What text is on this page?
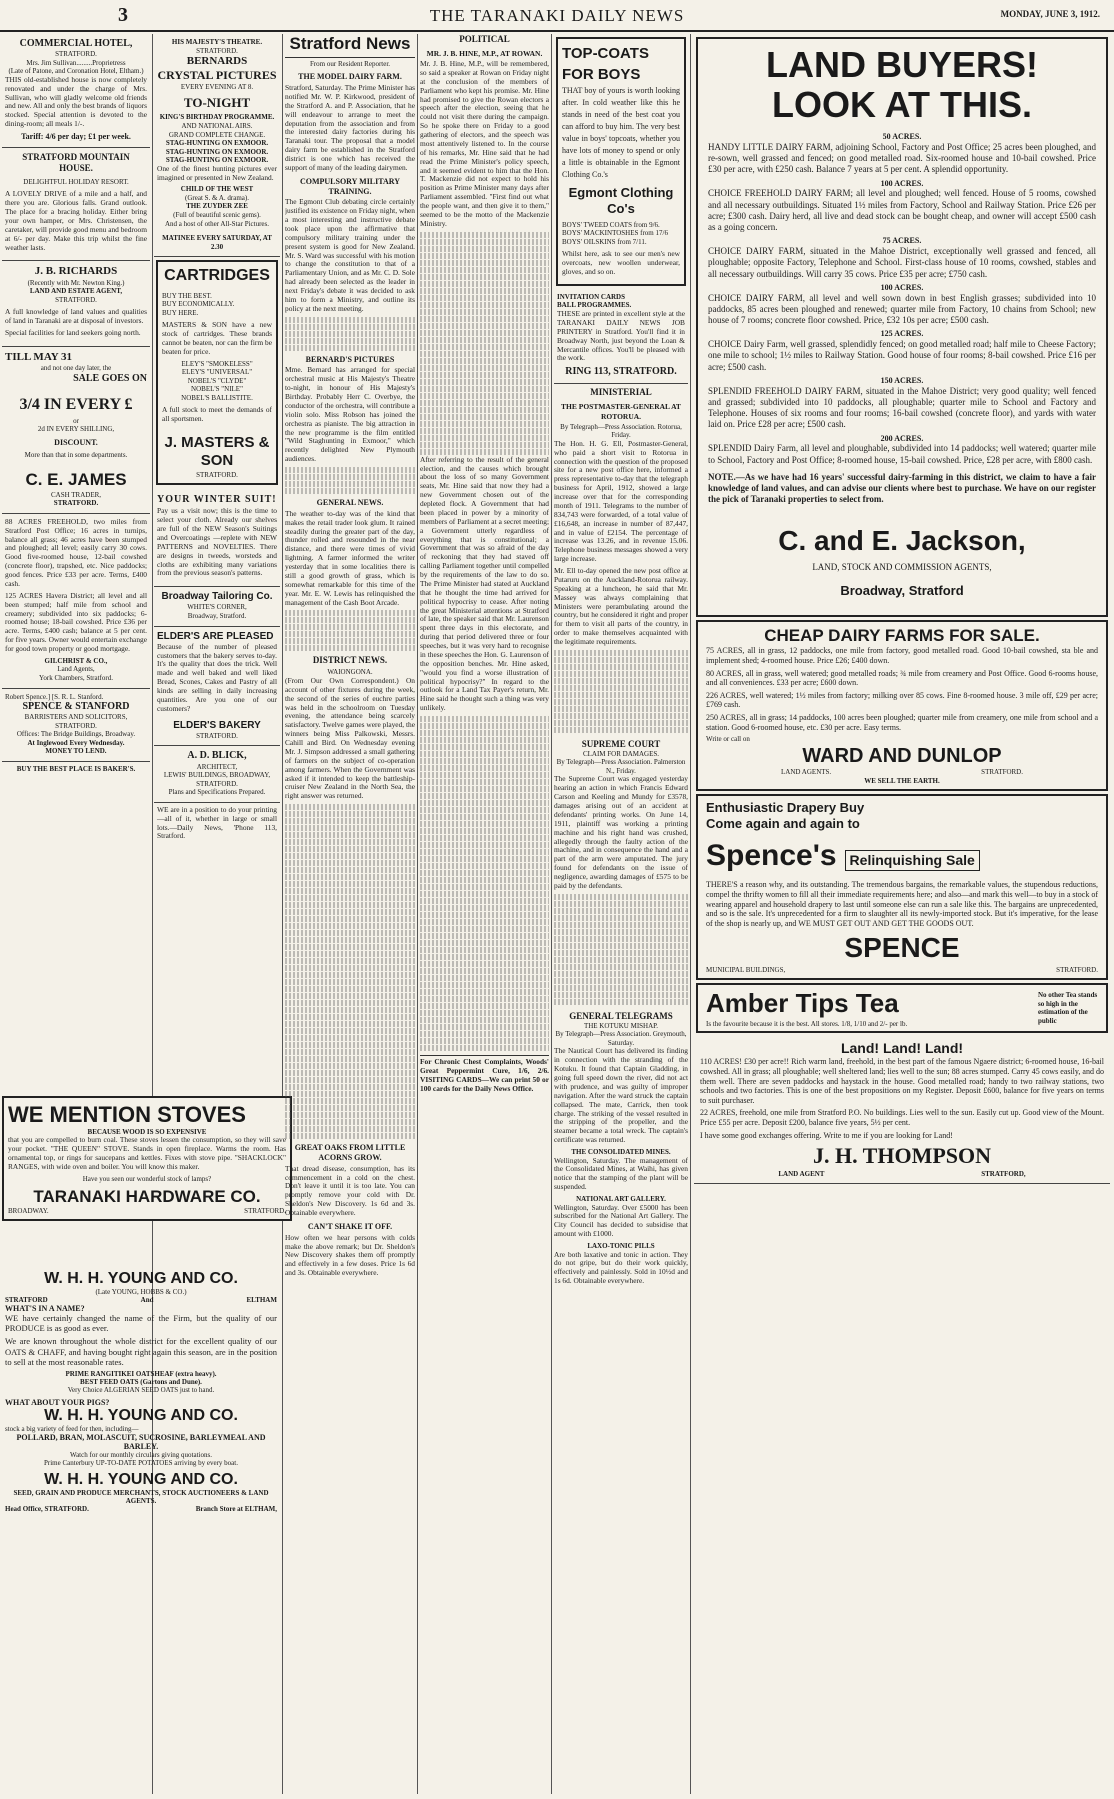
3	THE TARANAKI DAILY NEWS	MONDAY, JUNE 3, 1912.
COMMERCIAL HOTEL,
STRATFORD.
Mrs. Jim Sullivan.........Proprietress
(Late of Patone, and Coronation Hotel, Eltham.)

THIS old-established house is now completely renovated and under the charge of Mrs. Sullivan, who will gladly welcome old friends and new. All and only the best brands of liquors stocked. Special attention is devoted to the dining-room; all meals 1/-.

Tariff: 4/6 per day; £1 per week.
STRATFORD MOUNTAIN HOUSE.
DELIGHTFUL HOLIDAY RESORT.

A LOVELY DRIVE of a mile and a half, and there you are. Glorious falls. Grand outlook. The place for a bracing holiday. Either bring your own hamper, or Mrs. Christensen, the caretaker, will provide good menu and bedroom at 6/- per day. Make this trip whilst the fine weather lasts.

J. B. RICHARDS
(Recently with Mr. Newton King.)
LAND AND ESTATE AGENT,
STRATFORD.

A full knowledge of land values and qualities of land in Taranaki are at disposal of investors.

Special facilities for land seekers going north.

TILL MAY 31
and not one day later, the
SALE GOES ON
3/4 IN EVERY £
or
2d IN EVERY SHILLING,
DISCOUNT.
More than that in some departments.
C. E. JAMES
CASH TRADER,
STRATFORD.

88 ACRES FREEHOLD, two miles from Stratford Post Office; 16 acres in turnips, balance all grass; 46 acres have been stumped and ploughed; all level; easily carry 30 cows. Good five-roomed house, 12-bail cowshed (concrete floor), trapshed, etc. Nice paddocks; good fences. Price £33 per acre. Terms, £400 cash.

125 ACRES Havera District; all level and all been stumped; half mile from school and creamery; subdivided into six paddocks; 6-roomed house; 18-bail cowshed. Price £36 per acre. Terms, £400 cash; balance at 5 per cent. for five years. Owner would entertain exchange for good town property or good mortgage.

GILCHRIST & CO.,
Land Agents,
York Chambers, Stratford.
Robert Spence.] [S. R. L. Stanford.
SPENCE & STANFORD
BARRISTERS AND SOLICITORS, STRATFORD.
Offices: The Bridge Buildings, Broadway.
At Inglewood Every Wednesday.
MONEY TO LEND.
BUY THE BEST PLACE IS BAKER'S.
HIS MAJESTY'S THEATRE.
STRATFORD.
BERNARDS
CRYSTAL PICTURES
EVERY EVENING AT 8.
TO-NIGHT
KING'S BIRTHDAY PROGRAMME.
AND NATIONAL AIRS.
GRAND COMPLETE CHANGE.
STAG-HUNTING ON EXMOOR.
STAG-HUNTING ON EXMOOR.
STAG-HUNTING ON EXMOOR.

One of the finest hunting pictures ever imagined or presented in New Zealand.

CHILD OF THE WEST
(Great S. & A. drama).
THE ZUYDER ZEE
(Full of beautiful scenic gems).
And a host of other All-Star Pictures.
MATINEE EVERY SATURDAY, AT 2.30
CARTRIDGES
BUY THE BEST.
BUY ECONOMICALLY.
BUY HERE.

MASTERS & SON have a new stock of cartridges. These brands cannot be beaten, nor can the firm be beaten for price.

ELEY'S "SMOKELESS"
ELEY'S "UNIVERSAL"
NOBEL'S "CLYDE"
NOBEL'S "NILE"
NOBEL'S BALLISTITE.

A full stock to meet the demands of all sportsmen.

J. MASTERS & SON
STRATFORD.
YOUR WINTER SUIT!

Pay us a visit now; this is the time to select your cloth. Already our shelves are full of the NEW Season's Suitings and Overcoatings —replete with NEW PATTERNS and NOVELTIES. There are designs in tweeds, worsteds and cloths are exhibiting many variations from the previous season's patterns.

Broadway Tailoring Co.
WHITE'S CORNER,
Broadway, Stratford.
ELDER'S ARE PLEASED

Because of the number of pleased customers that the bakery serves to-day. It's the quality that does the trick. Well made and well baked and well liked Bread, Scones, Cakes and Pastry of all kinds are selling in daily increasing quantities. Are you one of our customers?

ELDER'S BAKERY
STRATFORD.
A. D. BLICK,
ARCHITECT,
LEWIS' BUILDINGS, BROADWAY, STRATFORD.
Plans and Specifications Prepared.

WE are in a position to do your printing—all of it, whether in large or small lots.—Daily News, 'Phone 113, Stratford.

WE MENTION STOVES
BECAUSE WOOD IS SO EXPENSIVE

that you are compelled to burn coal. These stoves lessen the consumption, so they will save your pocket. "THE QUEEN" STOVE. Stands in open fireplace. Warms the room. Has ornamental top, or rings for saucepans and kettles. Fixes with stove pipe. "SHACKLOCK" RANGES, with wide oven and boiler. You will know this maker.

Have you seen our wonderful stock of lamps?
TARANAKI HARDWARE CO.
BROADWAY.	STRATFORD.
W. H. H. YOUNG AND CO.
(Late YOUNG, HOBBS & CO.)
STRATFORD	And	ELTHAM
WHAT'S IN A NAME?

WE have certainly changed the name of the Firm, but the quality of our PRODUCE is as good as ever.

We are known throughout the whole district for the excellent quality of our OATS & CHAFF, and having bought right again this season, are in the position to sell at the most reasonable rates.

PRIME RANGITIKEI OATSHEAF (extra heavy).
BEST FEED OATS (Gartons and Dune).
Very Choice ALGERIAN SEED OATS just to hand.
WHAT ABOUT YOUR PIGS?
W. H. H. YOUNG AND CO.
stock a big variety of feed for then, including—
POLLARD, BRAN, MOLASCUIT, SUCROSINE, BARLEYMEAL AND BARLEY.
Watch for our monthly circulars giving quotations.
Prime Canterbury UP-TO-DATE POTATOES arriving by every boat.
W. H. H. YOUNG AND CO.
SEED, GRAIN AND PRODUCE MERCHANTS, STOCK AUCTIONEERS & LAND AGENTS.
Head Office, STRATFORD.	Branch Store at ELTHAM,
Stratford News
From our Resident Reporter.
THE MODEL DAIRY FARM.

Stratford, Saturday. The Prime Minister has notified Mr. W. P. Kirkwood, president of the Stratford A. and P. Association, that he will endeavour to arrange to meet the deputation from the association and from the interested dairy factories during his Taranaki tour. The proposal that a model dairy farm be established in the Stratford district is one which has received the support of many of the leading dairymen.

COMPULSORY MILITARY TRAINING.

The Egmont Club debating circle certainly justified its existence on Friday night, when a most interesting and instructive debate took place upon the affirmative that compulsory military training under the present system is good for New Zealand. Mr. S. Ward was successful with his motion to change the constitution to that of a Parliamentary Union, and as Mr. C. D. Sole had already been selected as the leader in next Friday's debate it was decided to ask him to form a Ministry, and outline its policy at the next meeting.

BERNARD'S PICTURES

Mme. Bernard has arranged for special orchestral music at His Majesty's Theatre to-night, in honour of His Majesty's Birthday. Probably Herr C. Overbye, the conductor of the orchestra, will contribute a violin solo. Miss Robson has joined the orchestra as pianiste. The big attraction in the new programme is the film entitled "Wild Staghunting in Exmoor," which recently delighted New Plymouth audiences.

GENERAL NEWS.

The weather to-day was of the kind that makes the retail trader look glum. It rained steadily during the greater part of the day, thunder rolled and resounded in the near distance, and there were times of vivid lightning. A farmer informed the writer yesterday that in some localities there is still a good growth of grass, which is somewhat remarkable for this time of the year. Mr. E. W. Lewis has relinquished the management of the Cash Boot Arcade.

DISTRICT NEWS.
WAIONGONA.

(From Our Own Correspondent.) On account of other fixtures during the week, the second of the series of euchre parties was held in the schoolroom on Tuesday evening, the attendance being scarcely satisfactory. Twelve games were played, the winners being Miss Palkowski, Messrs. Cahill and Bird. On Wednesday evening Mr. J. Simpson addressed a small gathering of farmers on the subject of co-operation among farmers. When the Government was asked if it intended to keep the battleship-cruiser New Zealand in the North Sea, the right answer was returned.

GREAT OAKS FROM LITTLE ACORNS GROW.

That dread disease, consumption, has its commencement in a cold on the chest. Don't leave it until it is too late. You can promptly remove your cold with Dr. Sheldon's New Discovery. 1s 6d and 3s. Obtainable everywhere.

CAN'T SHAKE IT OFF.

How often we hear persons with colds make the above remark; but Dr. Sheldon's New Discovery shakes them off promptly and effectively in a few doses. Price 1s 6d and 3s. Obtainable everywhere.

POLITICAL
MR. J. B. HINE, M.P., AT ROWAN.

Mr. J. B. Hine, M.P., will be remembered, so said a speaker at Rowan on Friday night at the conclusion of the members of Parliament who kept his promise. Mr. Hine had promised to give the Rowan electors a speech after the election, seeing that he could not visit there during the campaign. So he spoke there on Friday to a good gathering of electors, and the speech was most attentively listened to. In the course of his remarks, Mr. Hine said that he had read the Prime Minister's policy speech, and it seemed evident to him that the Hon. T. Mackenzie did not expect to hold his position as Prime Minister many days after Parliament assembled. "First find out what the people want, and then give it to them," seemed to be the motto of the Mackenzie Ministry.

After referring to the result of the general election, and the causes which brought about the loss of so many Government seats, Mr. Hine said that now they had a new Government chosen out of the depleted flock. A Government that had been placed in power by a minority of members of Parliament at a secret meeting; a Government utterly regardless of everything that is constitutional; a Government that was so afraid of the day of reckoning that they had staved off calling Parliament together until compelled by the requirements of the law to do so. The Prime Minister had stated at Auckland that he thought the time had arrived for political hypocrisy to cease. After noting the great Ministerial attentions at Stratford of late, the speaker said that Mr. Laurenson spent three days in this electorate, and during that period delivered three or four speeches, but it was very hard to recognise in these speeches the Hon. G. Laurenson of the opposition benches. Mr. Hine asked, "would you find a worse illustration of political hypocrisy?" In regard to the outlook for a Land Tax Payer's return, Mr. Hine said he thought such a thing was very unlikely.

For Chronic Chest Complaints, Woods' Great Peppermint Cure, 1/6, 2/6. VISITING CARDS—We can print 50 or 100 cards for the Daily News Office.
TOP-COATS FOR BOYS

THAT boy of yours is worth looking after. In cold weather like this he stands in need of the best coat you can afford to buy him. The very best value in boys' topcoats, whether you have lots of money to spend or only a little is obtainable in the Egmont Clothing Co.'s

Egmont Clothing Co's
BOYS' TWEED COATS from 9/6.
BOYS' MACKINTOSHES from 17/6
BOYS' OILSKINS from 7/11.

Whilst here, ask to see our men's new overcoats, new woollen underwear, gloves, and so on.

INVITATION CARDS
BALL PROGRAMMES.

THESE are printed in excellent style at the TARANAKI DAILY NEWS JOB PRINTERY in Stratford. You'll find it in Broadway North, just beyond the Loan & Mercantile offices. You'll be pleased with the work.

RING 113, STRATFORD.
MINISTERIAL
THE POSTMASTER-GENERAL AT ROTORUA.
By Telegraph—Press Association. Rotorua, Friday.

The Hon. H. G. Ell, Postmaster-General, who paid a short visit to Rotorua in connection with the question of the proposed site for a new post office here, informed a press representative to-day that the telegraph business for April, 1912, showed a large increase over that for the corresponding month of 1911. Telegrams to the number of 834,743 were forwarded, of a total value of £16,648, an increase in number of 87,447, and in value of £2154. The percentage of increase was 13.26, and in revenue 15.06. Telephone business messages showed a very large increase.

Mr. Ell to-day opened the new post office at Putaruru on the Auckland-Rotorua railway. Speaking at a luncheon, he said that Mr. Massey was always complaining that Ministers were perambulating around the country, but he considered it right and proper for them to visit all parts of the country, in order to make themselves acquainted with the legitimate requirements.

SUPREME COURT
CLAIM FOR DAMAGES.
By Telegraph—Press Association. Palmerston N., Friday.

The Supreme Court was engaged yesterday hearing an action in which Francis Edward Carson and Keeling and Mundy for £3578, damages arising out of an accident at defendants' printing works. On June 14, 1911, plaintiff was working a printing machine and his right hand was crushed, allegedly through the faulty action of the machine, and in consequence the hand and a part of the arm were amputated. The jury found for defendants on the issue of negligence, awarding damages of £575 to be paid by the defendants.

GENERAL TELEGRAMS
THE KOTUKU MISHAP.
By Telegraph—Press Association. Greymouth, Saturday.

The Nautical Court has delivered its finding in connection with the stranding of the Kotuku. It found that Captain Gladding, in going full speed down the river, did not act with prudence, and was guilty of improper navigation. After the ward struck the captain collapsed. The mate, Carrick, then took charge. The striking of the vessel resulted in the stripping of the propeller, and the steamer became a total wreck. The captain's certificate was returned.

THE CONSOLIDATED MINES.

Wellington, Saturday. The management of the Consolidated Mines, at Waihi, has given notice that the stamping of the plant will be suspended.

NATIONAL ART GALLERY.

Wellington, Saturday. Over £5000 has been subscribed for the National Art Gallery. The City Council has decided to subsidise that amount with £1000.

LAXO-TONIC PILLS

Are both laxative and tonic in action. They do not gripe, but do their work quickly, effectively and painlessly. Sold in 10½d and 1s 6d. Obtainable everywhere.

LAND BUYERS!
LOOK AT THIS.
50 ACRES.

HANDY LITTLE DAIRY FARM, adjoining School, Factory and Post Office; 25 acres been ploughed, and re-sown, well grassed and fenced; on good metalled road. Six-roomed house and 10-bail cowshed. Price £30 per acre, with £250 cash. Balance 7 years at 5 per cent. A splendid opportunity.

100 ACRES.

CHOICE FREEHOLD DAIRY FARM; all level and ploughed; well fenced. House of 5 rooms, cowshed and all necessary outbuildings. Situated 1½ miles from Factory, School and Railway Station. Price £26 per acre; £300 cash. Dairy herd, all live and dead stock can be bought cheap, and owner will accept £500 cash as a going concern.

75 ACRES.

CHOICE DAIRY FARM, situated in the Mahoe District, exceptionally well grassed and fenced, all ploughable; opposite Factory, Telephone and School. First-class house of 10 rooms, cowshed, stables and all necessary outbuildings. Will carry 35 cows. Price £35 per acre; £750 cash.

100 ACRES.

CHOICE DAIRY FARM, all level and well sown down in best English grasses; subdivided into 10 paddocks, 85 acres been ploughed and renewed; quarter mile from Factory, 10 chains from School; new house of 7 rooms; concrete floor cowshed. Price, £32 10s per acre; £500 cash.

125 ACRES.

CHOICE Dairy Farm, well grassed, splendidly fenced; on good metalled road; half mile to Cheese Factory; one mile to school; 1½ miles to Railway Station. Good house of four rooms; 8-bail cowshed. Price £16 per acre; £500 cash.

150 ACRES.

SPLENDID FREEHOLD DAIRY FARM, situated in the Mahoe District; very good quality; well fenced and grassed; subdivided into 10 paddocks, all ploughable; quarter mile to School and Factory and Telephone. Houses of six rooms and four rooms; 16-bail cowshed (concrete floor), and yards with water laid on. Price £28 per acre; £500 cash.

200 ACRES.

SPLENDID Dairy Farm, all level and ploughable, subdivided into 14 paddocks; well watered; quarter mile to School, Factory and Post Office; 8-roomed house, 15-bail cowshed. Price, £28 per acre, with £800 cash.

NOTE.—As we have had 16 years' successful dairy-farming in this district, we claim to have a fair knowledge of land values, and can advise our clients where best to purchase. We have on our register the pick of Taranaki properties to select from.

C. and E. Jackson,
LAND, STOCK AND COMMISSION AGENTS,
Broadway, Stratford
CHEAP DAIRY FARMS FOR SALE.

75 ACRES, all in grass, 12 paddocks, one mile from factory, good metalled road. Good 10-bail cowshed, sta ble and implement shed; 4-roomed house. Price £26; £400 down.

80 ACRES, all in grass, well watered; good metalled roads; ¾ mile from creamery and Post Office. Good 6-rooms house, and all conveniences. £33 per acre; £600 down.

226 ACRES, well watered; 1½ miles from factory; milking over 85 cows. Fine 8-roomed house. 3 mile off, £29 per acre; £769 cash.

250 ACRES, all in grass; 14 paddocks, 100 acres been ploughed; quarter mile from creamery, one mile from school and a station. Good 6-roomed house, etc. £30 per acre. Easy terms.

Write or call on
WARD AND DUNLOP
LAND AGENTS.	STRATFORD.
WE SELL THE EARTH.
Enthusiastic Drapery Buy
Come again and again to
Spence's Relinquishing Sale

THERE'S a reason why, and its outstanding. The tremendous bargains, the remarkable values, the stupendous reductions, compel the thrifty women to fill all their immediate requirements here; and also—and mark this well—to buy in a stock of wearing apparel and household drapery to last until someone else can run a sale like this. The bargains are unprecedented, and so is the sale. It's unprecedented for a firm to slaughter all its newly-imported stock. But it's imperative, for the lease of the shop is nearly up, and WE MUST GET OUT AND GET THE GOODS OUT.

SPENCE
MUNICIPAL BUILDINGS,	STRATFORD.
Amber Tips Tea
Is the favourite because it is the best. All stores. 1/8, 1/10 and 2/- per lb.
No other Tea stands so high in the estimation of the public
Land! Land! Land!

110 ACRES! £30 per acre!! Rich warm land, freehold, in the best part of the famous Ngaere district; 6-roomed house, 16-bail cowshed. All in grass; all ploughable; well sheltered land; lies well to the sun; 88 acres stumped. Carry 45 cows easily, and do them well. There are seven paddocks and haystack in the house. Good metalled road; handy to two railway stations, two schools and two factories. This is one of the best propositions on my Register. Deposit £600, balance for five years on terms to suit purchaser.

22 ACRES, freehold, one mile from Stratford P.O. No buildings. Lies well to the sun. Easily cut up. Good view of the Mount. Price £55 per acre. Deposit £200, balance five years, 5½ per cent.

I have some good exchanges offering. Write to me if you are looking for Land!

J. H. THOMPSON
LAND AGENT	STRATFORD,
